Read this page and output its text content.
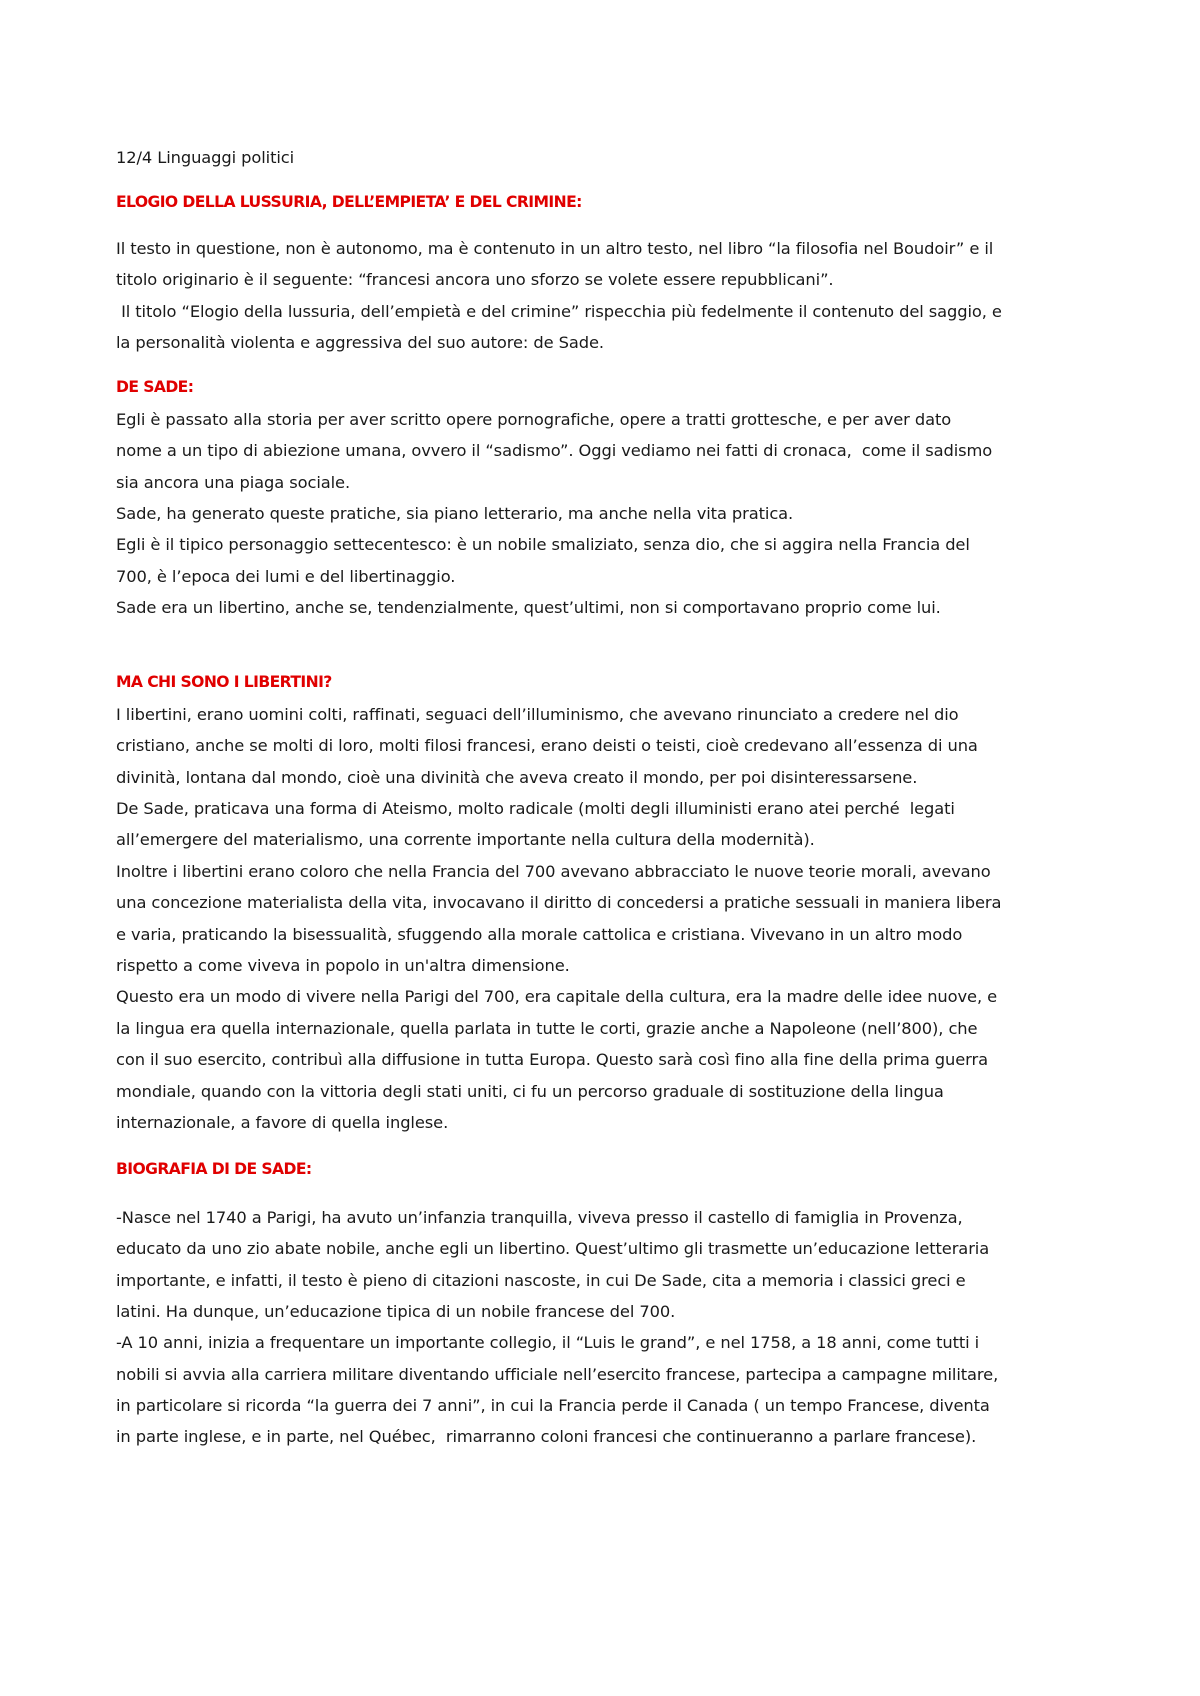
12/4 Linguaggi politici
ELOGIO DELLA LUSSURIA, DELL’EMPIETA’ E DEL CRIMINE:
Il testo in questione, non è autonomo, ma è contenuto in un altro testo, nel libro “la filosofia nel Boudoir” e il
titolo originario è il seguente: “francesi ancora uno sforzo se volete essere repubblicani”.
Il titolo “Elogio della lussuria, dell’empietà e del crimine” rispecchia più fedelmente il contenuto del saggio, e
la personalità violenta e aggressiva del suo autore: de Sade.
DE SADE:
Egli è passato alla storia per aver scritto opere pornografiche, opere a tratti grottesche, e per aver dato
nome a un tipo di abiezione umana, ovvero il “sadismo”. Oggi vediamo nei fatti di cronaca,  come il sadismo
sia ancora una piaga sociale.
Sade, ha generato queste pratiche, sia piano letterario, ma anche nella vita pratica.
Egli è il tipico personaggio settecentesco: è un nobile smaliziato, senza dio, che si aggira nella Francia del
700, è l’epoca dei lumi e del libertinaggio.
Sade era un libertino, anche se, tendenzialmente, quest’ultimi, non si comportavano proprio come lui.
MA CHI SONO I LIBERTINI?
I libertini, erano uomini colti, raffinati, seguaci dell’illuminismo, che avevano rinunciato a credere nel dio
cristiano, anche se molti di loro, molti filosi francesi, erano deisti o teisti, cioè credevano all’essenza di una
divinità, lontana dal mondo, cioè una divinità che aveva creato il mondo, per poi disinteressarsene.
De Sade, praticava una forma di Ateismo, molto radicale (molti degli illuministi erano atei perché  legati
all’emergere del materialismo, una corrente importante nella cultura della modernità).
Inoltre i libertini erano coloro che nella Francia del 700 avevano abbracciato le nuove teorie morali, avevano
una concezione materialista della vita, invocavano il diritto di concedersi a pratiche sessuali in maniera libera
e varia, praticando la bisessualità, sfuggendo alla morale cattolica e cristiana. Vivevano in un altro modo
rispetto a come viveva in popolo in un'altra dimensione.
Questo era un modo di vivere nella Parigi del 700, era capitale della cultura, era la madre delle idee nuove, e
la lingua era quella internazionale, quella parlata in tutte le corti, grazie anche a Napoleone (nell’800), che
con il suo esercito, contribuì alla diffusione in tutta Europa. Questo sarà così fino alla fine della prima guerra
mondiale, quando con la vittoria degli stati uniti, ci fu un percorso graduale di sostituzione della lingua
internazionale, a favore di quella inglese.
BIOGRAFIA DI DE SADE:
-Nasce nel 1740 a Parigi, ha avuto un’infanzia tranquilla, viveva presso il castello di famiglia in Provenza,
educato da uno zio abate nobile, anche egli un libertino. Quest’ultimo gli trasmette un’educazione letteraria
importante, e infatti, il testo è pieno di citazioni nascoste, in cui De Sade, cita a memoria i classici greci e
latini. Ha dunque, un’educazione tipica di un nobile francese del 700.
-A 10 anni, inizia a frequentare un importante collegio, il “Luis le grand”, e nel 1758, a 18 anni, come tutti i
nobili si avvia alla carriera militare diventando ufficiale nell’esercito francese, partecipa a campagne militare,
in particolare si ricorda “la guerra dei 7 anni”, in cui la Francia perde il Canada ( un tempo Francese, diventa
in parte inglese, e in parte, nel Québec,  rimarranno coloni francesi che continueranno a parlare francese).
